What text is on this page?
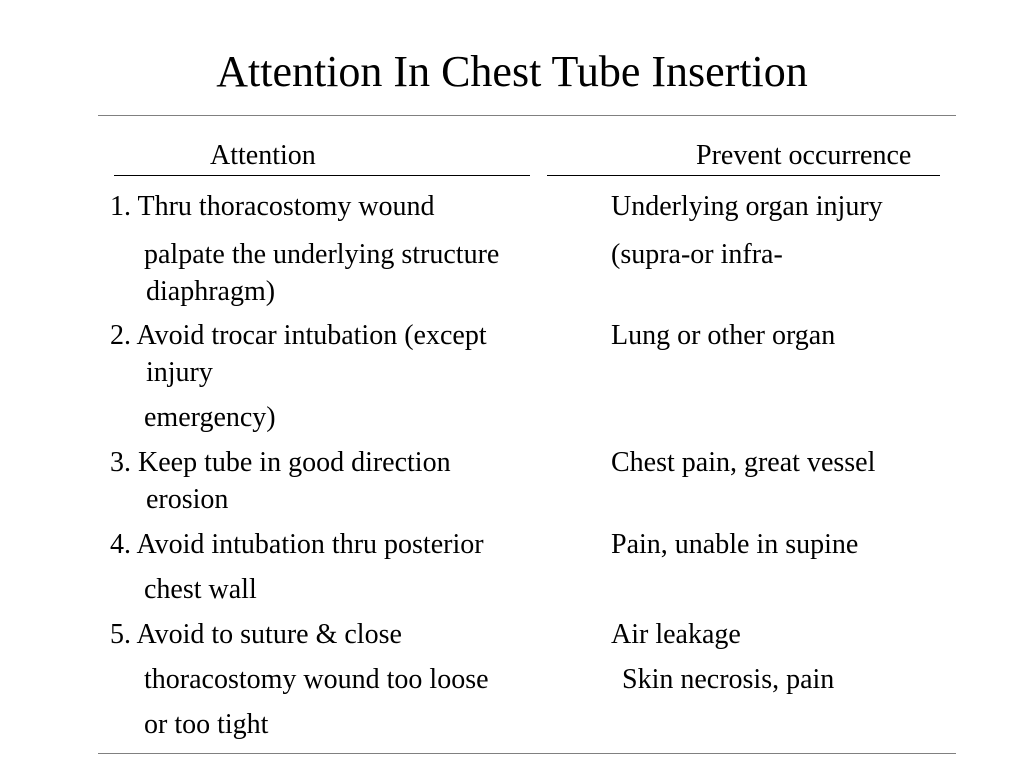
Attention In Chest Tube Insertion
Attention	Prevent occurrence
1. Thru thoracostomy wound	Underlying organ injury
palpate the underlying structure	(supra-or infra-
diaphragm)
2. Avoid trocar intubation (except	Lung or other organ
injury
emergency)
3. Keep tube in good direction	Chest pain, great vessel
erosion
4. Avoid intubation thru posterior	Pain, unable in supine
chest wall
5. Avoid to suture & close	Air leakage
thoracostomy wound too loose	Skin necrosis, pain
or too tight
